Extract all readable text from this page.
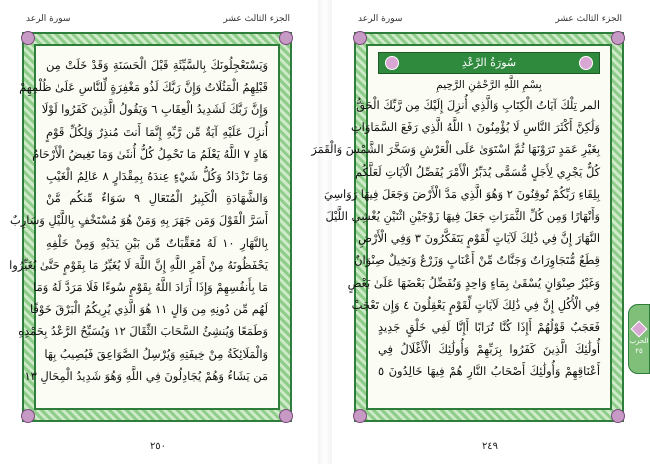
الجزء الثالث عشر
سورة الرعد
وَيَسْتَعْجِلُونَكَ بِالسَّيِّئَةِ قَبْلَ الْحَسَنَةِ وَقَدْ خَلَتْ مِن
قَبْلِهِمُ الْمَثُلَاتُ وَإِنَّ رَبَّكَ لَذُو مَغْفِرَةٍ لِّلنَّاسِ عَلَىٰ ظُلْمِهِمْ
وَإِنَّ رَبَّكَ لَشَدِيدُ الْعِقَابِ ٦ وَيَقُولُ الَّذِينَ كَفَرُوا لَوْلَا
أُنزِلَ عَلَيْهِ آيَةٌ مِّن رَّبِّهِ إِنَّمَا أَنتَ مُنذِرٌ وَلِكُلِّ قَوْمٍ
هَادٍ ٧ اللَّهُ يَعْلَمُ مَا تَحْمِلُ كُلُّ أُنثَىٰ وَمَا تَغِيضُ الْأَرْحَامُ
وَمَا تَزْدَادُ وَكُلُّ شَيْءٍ عِندَهُ بِمِقْدَارٍ ٨ عَالِمُ الْغَيْبِ
وَالشَّهَادَةِ الْكَبِيرُ الْمُتَعَالِ ٩ سَوَاءٌ مِّنكُم مَّنْ
أَسَرَّ الْقَوْلَ وَمَن جَهَرَ بِهِ وَمَنْ هُوَ مُسْتَخْفٍ بِاللَّيْلِ وَسَارِبٌ
بِالنَّهَارِ ١٠ لَهُ مُعَقِّبَاتٌ مِّن بَيْنِ يَدَيْهِ وَمِنْ خَلْفِهِ
يَحْفَظُونَهُ مِنْ أَمْرِ اللَّهِ إِنَّ اللَّهَ لَا يُغَيِّرُ مَا بِقَوْمٍ حَتَّىٰ يُغَيِّرُوا
مَا بِأَنفُسِهِمْ وَإِذَا أَرَادَ اللَّهُ بِقَوْمٍ سُوءًا فَلَا مَرَدَّ لَهُ وَمَا
لَهُم مِّن دُونِهِ مِن وَالٍ ١١ هُوَ الَّذِي يُرِيكُمُ الْبَرْقَ خَوْفًا
وَطَمَعًا وَيُنشِئُ السَّحَابَ الثِّقَالَ ١٢ وَيُسَبِّحُ الرَّعْدُ بِحَمْدِهِ
وَالْمَلَائِكَةُ مِنْ خِيفَتِهِ وَيُرْسِلُ الصَّوَاعِقَ فَيُصِيبُ بِهَا
مَن يَشَاءُ وَهُمْ يُجَادِلُونَ فِي اللَّهِ وَهُوَ شَدِيدُ الْمِحَالِ ١٣
٢٥٠
الجزء الثالث عشر
سورة الرعد
سُورَةُ الرَّعْدِ
بِسْمِ اللَّهِ الرَّحْمَٰنِ الرَّحِيمِ
المر تِلْكَ آيَاتُ الْكِتَابِ وَالَّذِي أُنزِلَ إِلَيْكَ مِن رَّبِّكَ الْحَقُّ
وَلَٰكِنَّ أَكْثَرَ النَّاسِ لَا يُؤْمِنُونَ ١ اللَّهُ الَّذِي رَفَعَ السَّمَاوَاتِ
بِغَيْرِ عَمَدٍ تَرَوْنَهَا ثُمَّ اسْتَوَىٰ عَلَى الْعَرْشِ وَسَخَّرَ الشَّمْسَ وَالْقَمَرَ
كُلٌّ يَجْرِي لِأَجَلٍ مُّسَمًّى يُدَبِّرُ الْأَمْرَ يُفَصِّلُ الْآيَاتِ لَعَلَّكُم
بِلِقَاءِ رَبِّكُمْ تُوقِنُونَ ٢ وَهُوَ الَّذِي مَدَّ الْأَرْضَ وَجَعَلَ فِيهَا رَوَاسِيَ
وَأَنْهَارًا وَمِن كُلِّ الثَّمَرَاتِ جَعَلَ فِيهَا زَوْجَيْنِ اثْنَيْنِ يُغْشِي اللَّيْلَ
النَّهَارَ إِنَّ فِي ذَٰلِكَ لَآيَاتٍ لِّقَوْمٍ يَتَفَكَّرُونَ ٣ وَفِي الْأَرْضِ
قِطَعٌ مُّتَجَاوِرَاتٌ وَجَنَّاتٌ مِّنْ أَعْنَابٍ وَزَرْعٌ وَنَخِيلٌ صِنْوَانٌ
وَغَيْرُ صِنْوَانٍ يُسْقَىٰ بِمَاءٍ وَاحِدٍ وَنُفَضِّلُ بَعْضَهَا عَلَىٰ بَعْضٍ
فِي الْأُكُلِ إِنَّ فِي ذَٰلِكَ لَآيَاتٍ لِّقَوْمٍ يَعْقِلُونَ ٤ وَإِن تَعْجَبْ
فَعَجَبٌ قَوْلُهُمْ أَإِذَا كُنَّا تُرَابًا أَإِنَّا لَفِي خَلْقٍ جَدِيدٍ
أُولَٰئِكَ الَّذِينَ كَفَرُوا بِرَبِّهِمْ وَأُولَٰئِكَ الْأَغْلَالُ فِي
أَعْنَاقِهِمْ وَأُولَٰئِكَ أَصْحَابُ النَّارِ هُمْ فِيهَا خَالِدُونَ ٥
٢٤٩
الحزب
٢٥
